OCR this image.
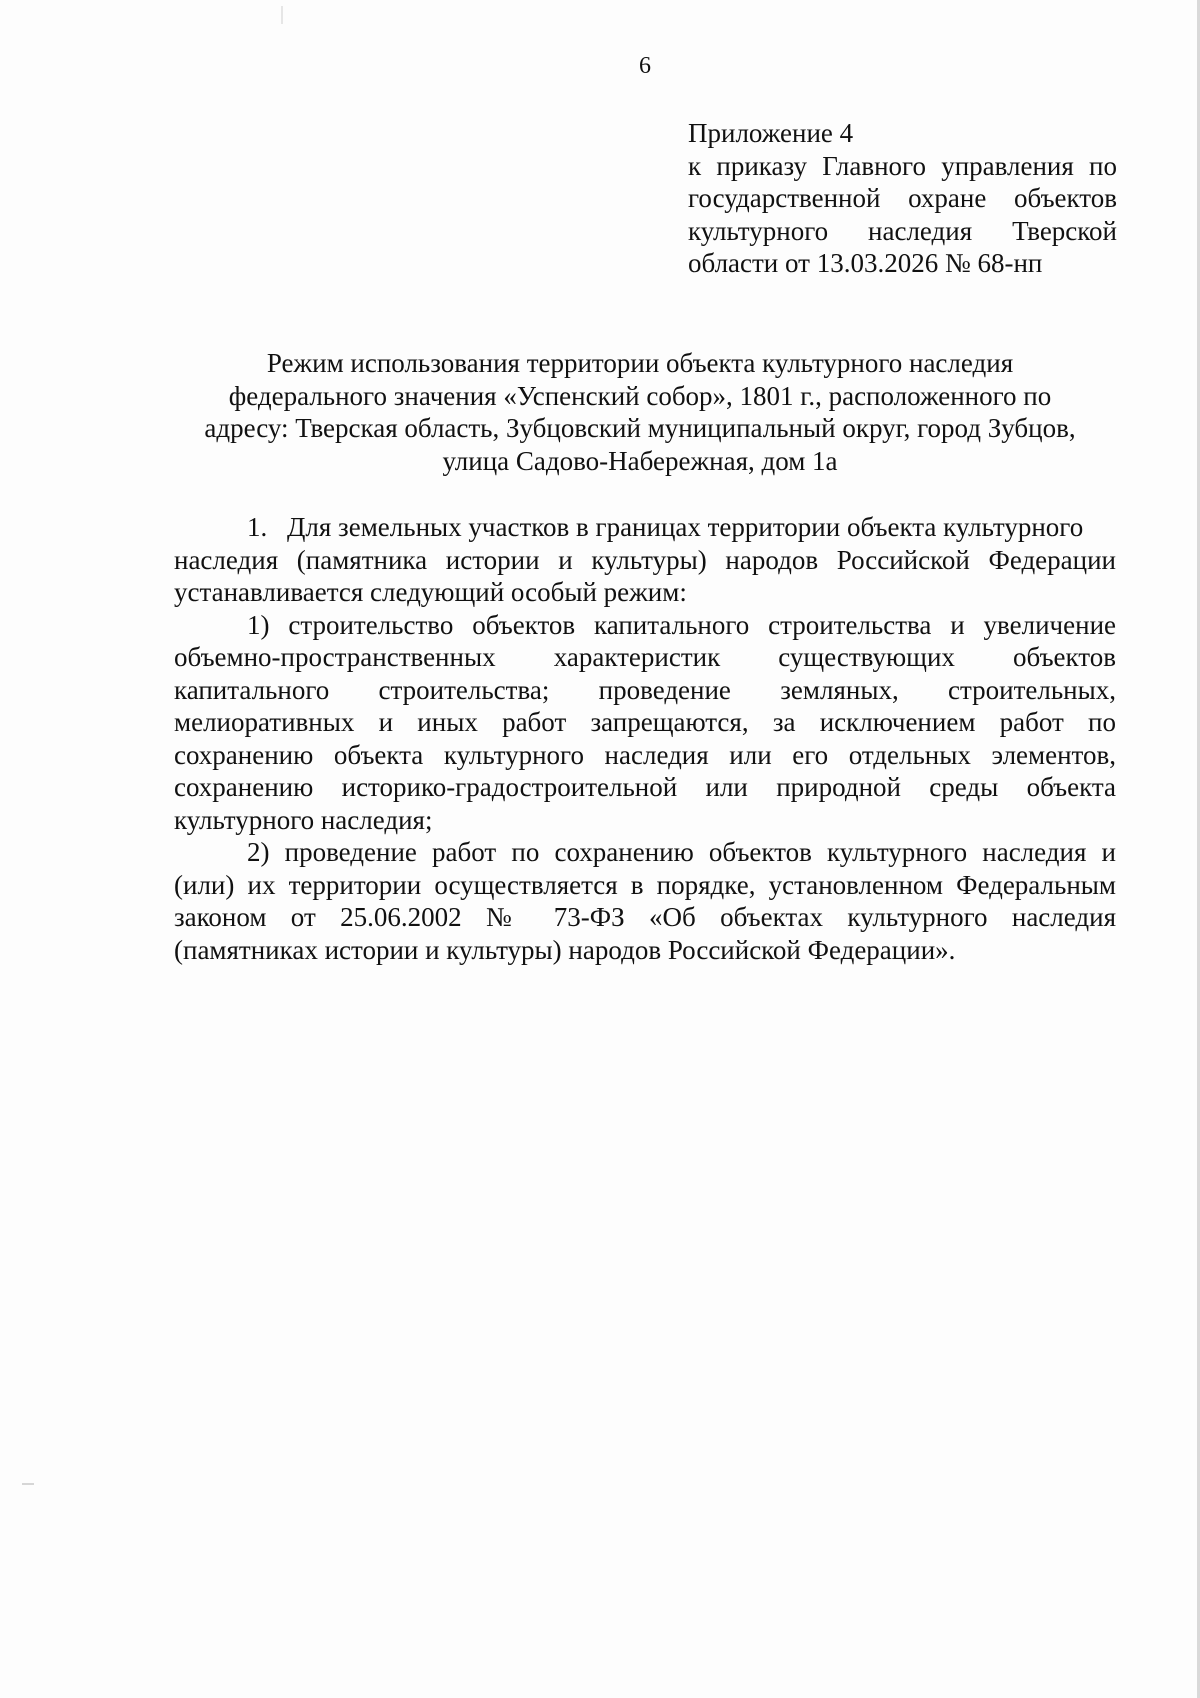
6
Приложение 4
к приказу Главного управления по
государственной охране объектов
культурного наследия Тверской
области от 13.03.2026 № 68-нп
Режим использования территории объекта культурного наследия
федерального значения «Успенский собор», 1801 г., расположенного по
адресу: Тверская область, Зубцовский муниципальный округ, город Зубцов,
улица Садово-Набережная, дом 1а
1. Для земельных участков в границах территории объекта культурного
наследия (памятника истории и культуры) народов Российской Федерации
устанавливается следующий особый режим:
1) строительство объектов капитального строительства и увеличение
объемно-пространственных характеристик существующих объектов
капитального строительства; проведение земляных, строительных,
мелиоративных и иных работ запрещаются, за исключением работ по
сохранению объекта культурного наследия или его отдельных элементов,
сохранению историко-градостроительной или природной среды объекта
культурного наследия;
2) проведение работ по сохранению объектов культурного наследия и
(или) их территории осуществляется в порядке, установленном Федеральным
законом от 25.06.2002 № 73-ФЗ «Об объектах культурного наследия
(памятниках истории и культуры) народов Российской Федерации».
